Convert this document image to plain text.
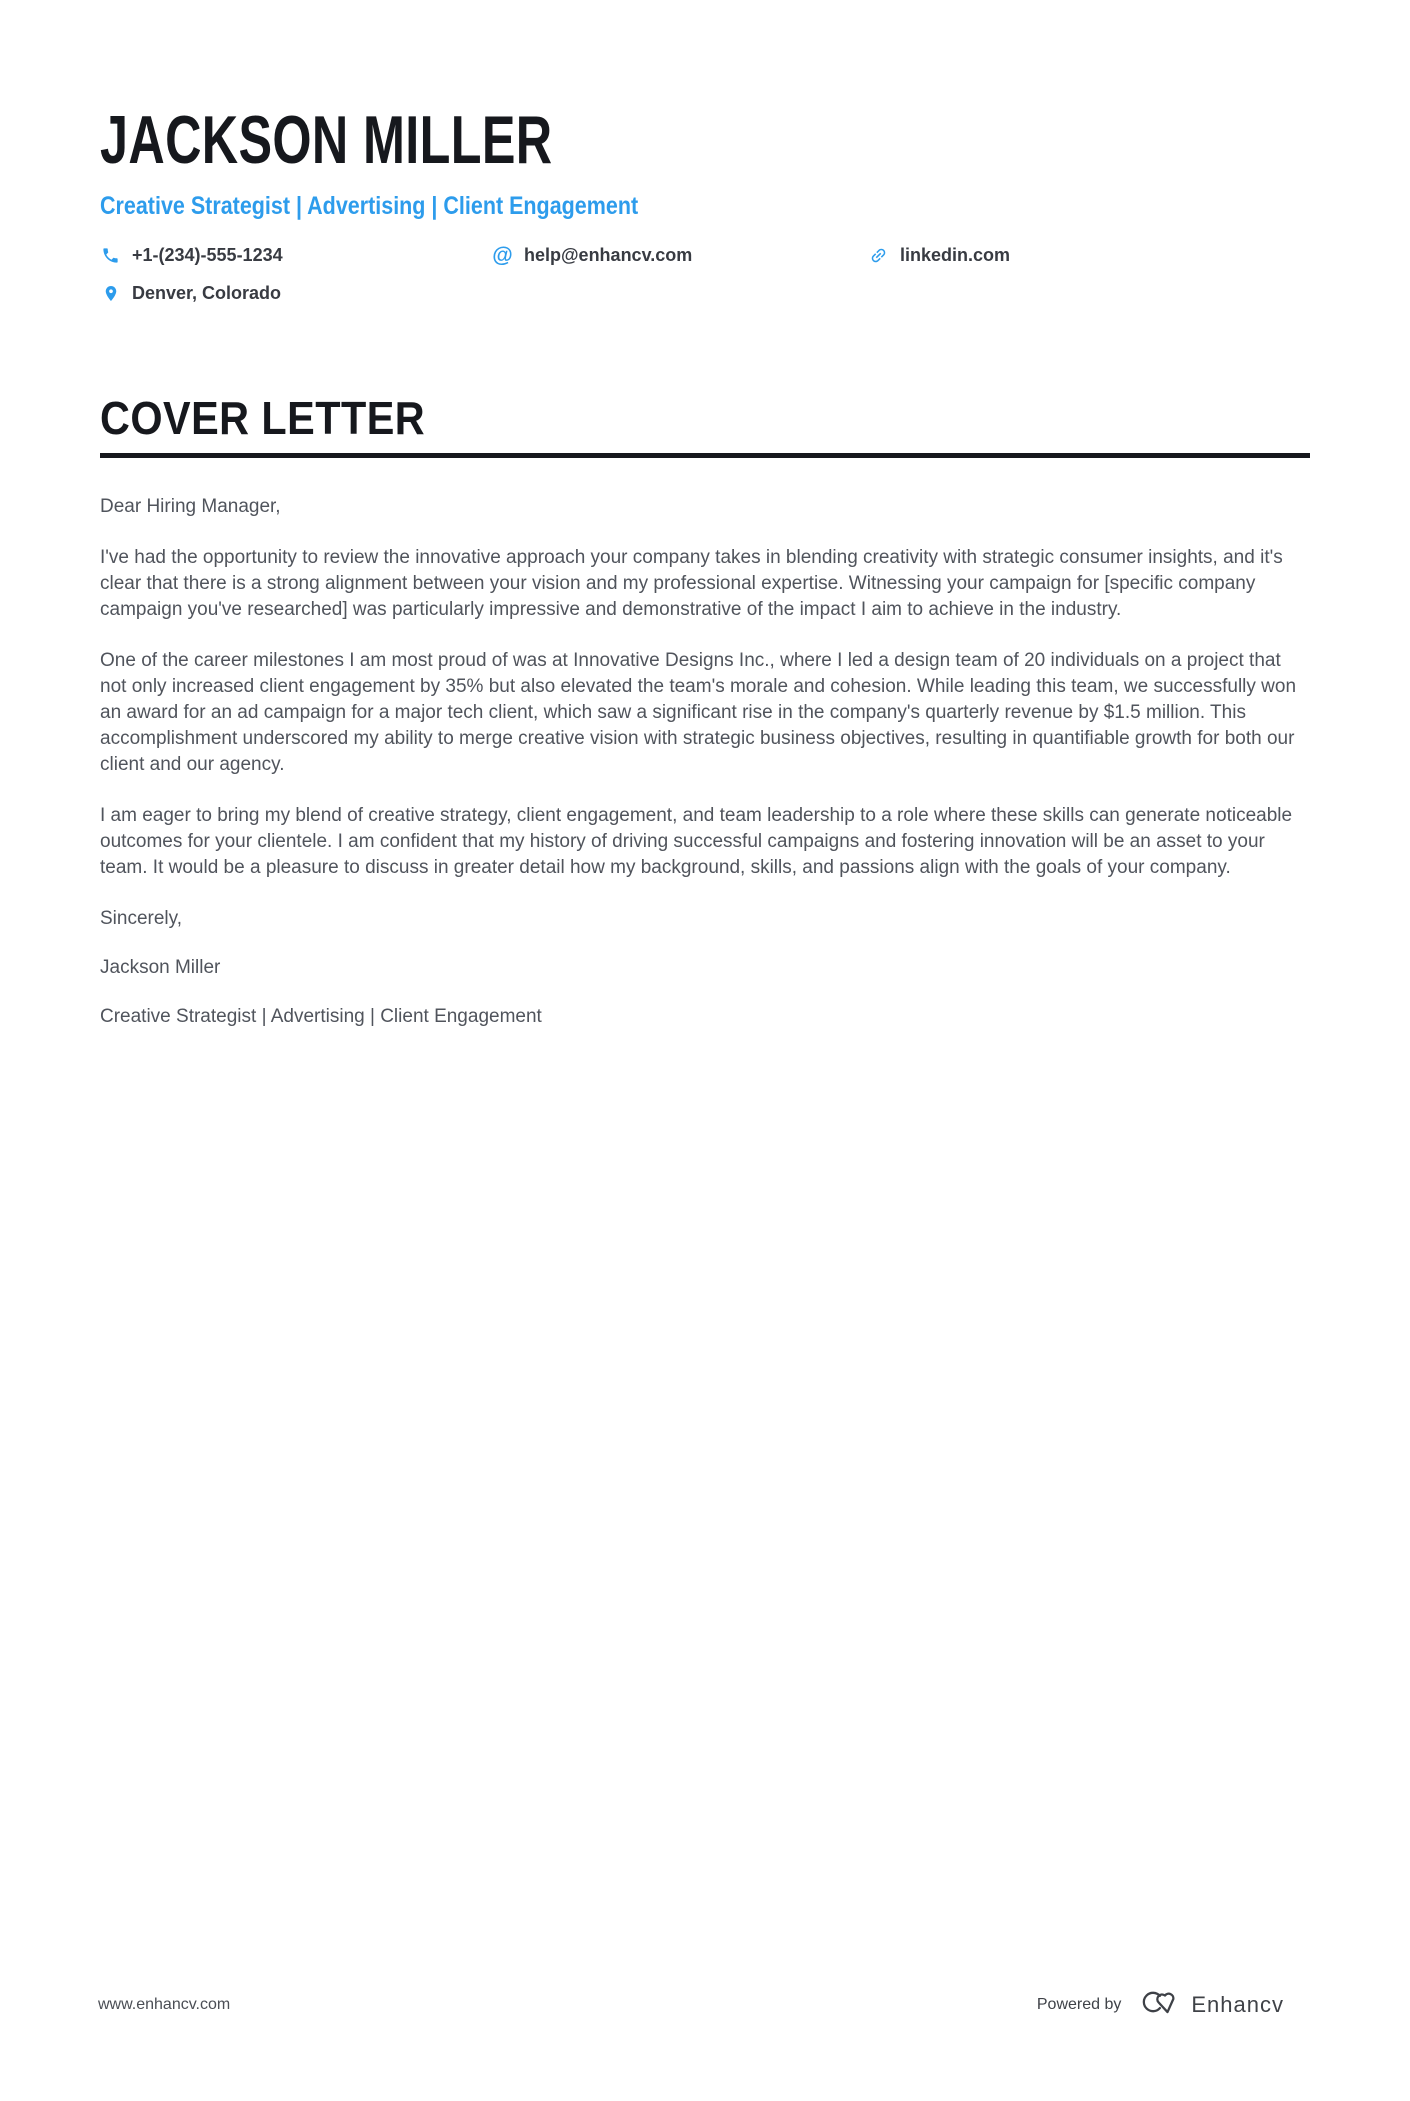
JACKSON MILLER
Creative Strategist | Advertising | Client Engagement
+1-(234)-555-1234	@ help@enhancv.com	linkedin.com
Denver, Colorado
COVER LETTER

Dear Hiring Manager,

I've had the opportunity to review the innovative approach your company takes in blending creativity with strategic consumer insights, and it's clear that there is a strong alignment between your vision and my professional expertise. Witnessing your campaign for [specific company campaign you've researched] was particularly impressive and demonstrative of the impact I aim to achieve in the industry.

One of the career milestones I am most proud of was at Innovative Designs Inc., where I led a design team of 20 individuals on a project that not only increased client engagement by 35% but also elevated the team's morale and cohesion. While leading this team, we successfully won an award for an ad campaign for a major tech client, which saw a significant rise in the company's quarterly revenue by $1.5 million. This accomplishment underscored my ability to merge creative vision with strategic business objectives, resulting in quantifiable growth for both our client and our agency.

I am eager to bring my blend of creative strategy, client engagement, and team leadership to a role where these skills can generate noticeable outcomes for your clientele. I am confident that my history of driving successful campaigns and fostering innovation will be an asset to your team. It would be a pleasure to discuss in greater detail how my background, skills, and passions align with the goals of your company.

Sincerely,

Jackson Miller

Creative Strategist | Advertising | Client Engagement

www.enhancv.com	Powered by	Enhancv
